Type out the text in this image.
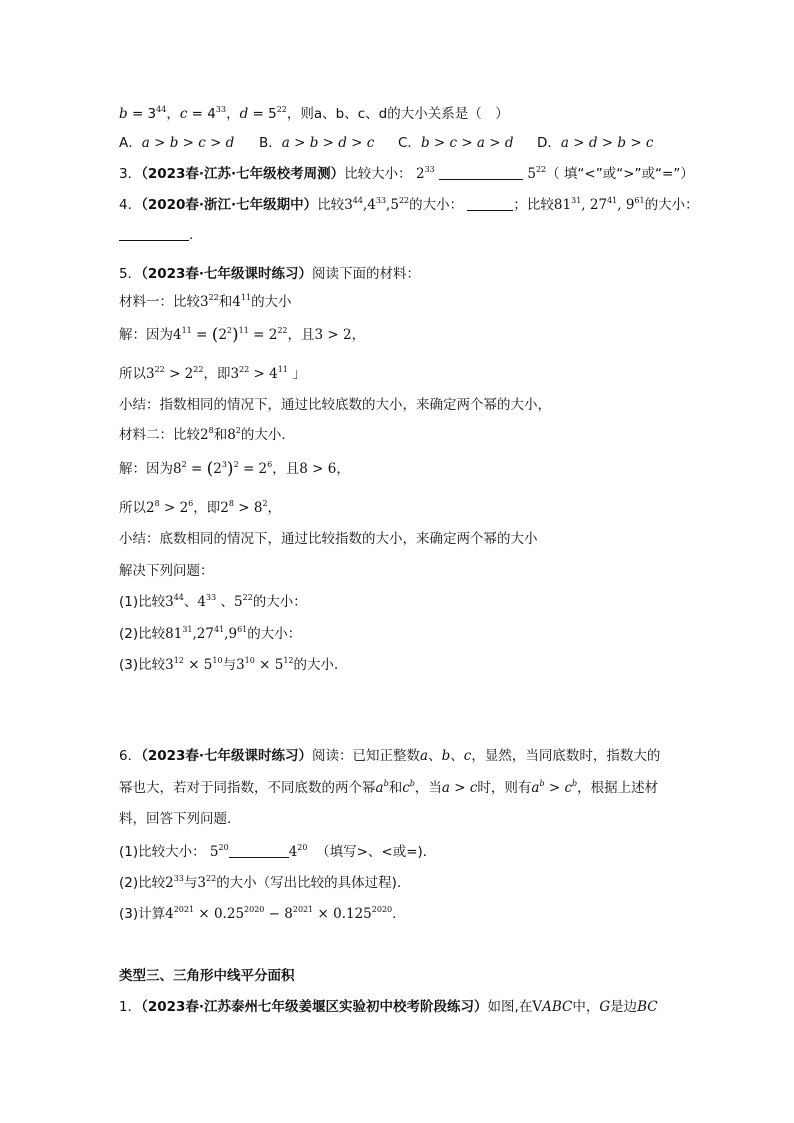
$b = 3^{44}$，$c = 4^{33}$，$d = 5^{22}$，则a、b、c、d的大小关系是（　）
A．a > b > c > d B．a > b > d > c C．b > c > a > d D．a > d > b > c
3．（2023春·江苏·七年级校考周测）比较大小： $2^{33}$	$5^{22}$（ 填“<”或“>”或“=”）
4．（2020春·浙江·七年级期中）比较$3^{44},4^{33},5^{22}$的大小：	；比较$81^{31}$, $27^{41}$, $9^{61}$的大小：
.
5．（2023春·七年级课时练习）阅读下面的材料：
材料一：比较$3^{22}$和$4^{11}$的大小
解：因为$4^{11} = (2^2)^{11} = 2^{22}$，且3 > 2，
所以$3^{22} > 2^{22}$，即$3^{22} > 4^{11}$ 」
小结：指数相同的情况下，通过比较底数的大小，来确定两个幂的大小，
材料二：比较$2^8$和$8^2$的大小．
解：因为$8^2 = (2^3)^2 = 2^6$，且8 > 6，
所以$2^8 > 2^6$，即$2^8 > 8^2$，
小结：底数相同的情况下，通过比较指数的大小，来确定两个幂的大小
解决下列问题：
(1)比较$3^{44}$、$4^{33}$ 、$5^{22}$的大小：
(2)比较$81^{31},27^{41},9^{61}$的大小：
(3)比较$3^{12} \times 5^{10}$与$3^{10} \times 5^{12}$的大小．
6．（2023春·七年级课时练习）阅读：已知正整数a、b、c，显然，当同底数时，指数大的
幂也大，若对于同指数，不同底数的两个幂$a^b$和$c^b$，当a > c时，则有$a^b > c^b$，根据上述材
料，回答下列问题．
(1)比较大小： $5^{20}$	$4^{20}$ （填写>、<或=)．
(2)比较$2^{33}$与$3^{22}$的大小（写出比较的具体过程)．
(3)计算$4^{2021} \times 0.25^{2020} - 8^{2021} \times 0.125^{2020}$．
类型三、三角形中线平分面积
1．（2023春·江苏泰州七年级姜堰区实验初中校考阶段练习）如图,在VABC中，G是边BC
